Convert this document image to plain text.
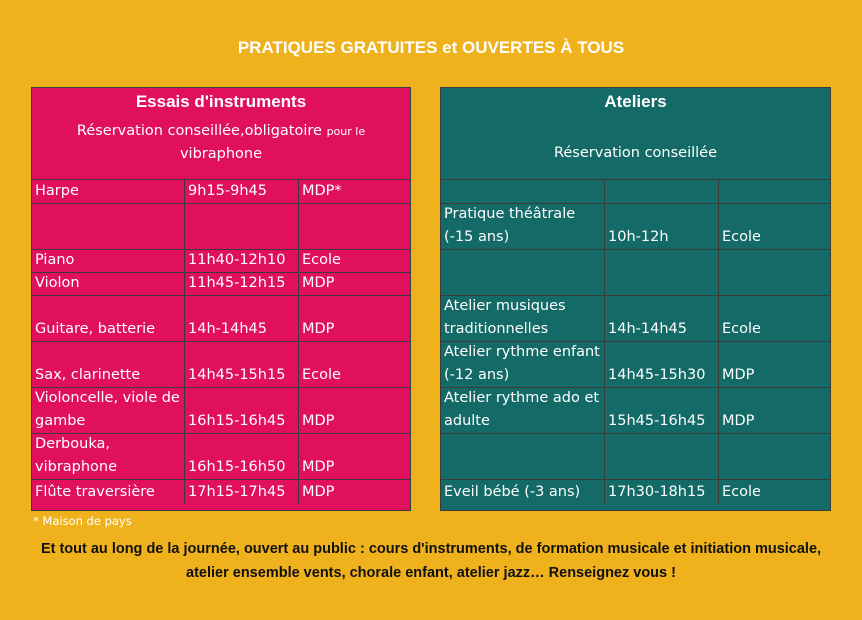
PRATIQUES GRATUITES et OUVERTES À TOUS
Essais d'instruments
Réservation conseillée,obligatoire pour le
vibraphone
Harpe	9h15-9h45	MDP*
Piano	11h40-12h10	Ecole
Violon	11h45-12h15	MDP
Guitare, batterie	14h-14h45	MDP
Sax, clarinette	14h45-15h15	Ecole
Violoncelle, viole de gambe	16h15-16h45	MDP
Derbouka, vibraphone	16h15-16h50	MDP
Flûte traversière	17h15-17h45	MDP
Ateliers
Réservation conseillée
Pratique théâtrale (-15 ans)	10h-12h	Ecole
Atelier musiques traditionnelles	14h-14h45	Ecole
Atelier rythme enfant (-12 ans)	14h45-15h30	MDP
Atelier rythme ado et adulte	15h45-16h45	MDP
Eveil bébé (-3 ans)	17h30-18h15	Ecole
* Maison de pays
Et tout au long de la journée, ouvert au public : cours d'instruments, de formation musicale et initiation musicale, atelier ensemble vents, chorale enfant, atelier jazz… Renseignez vous !
